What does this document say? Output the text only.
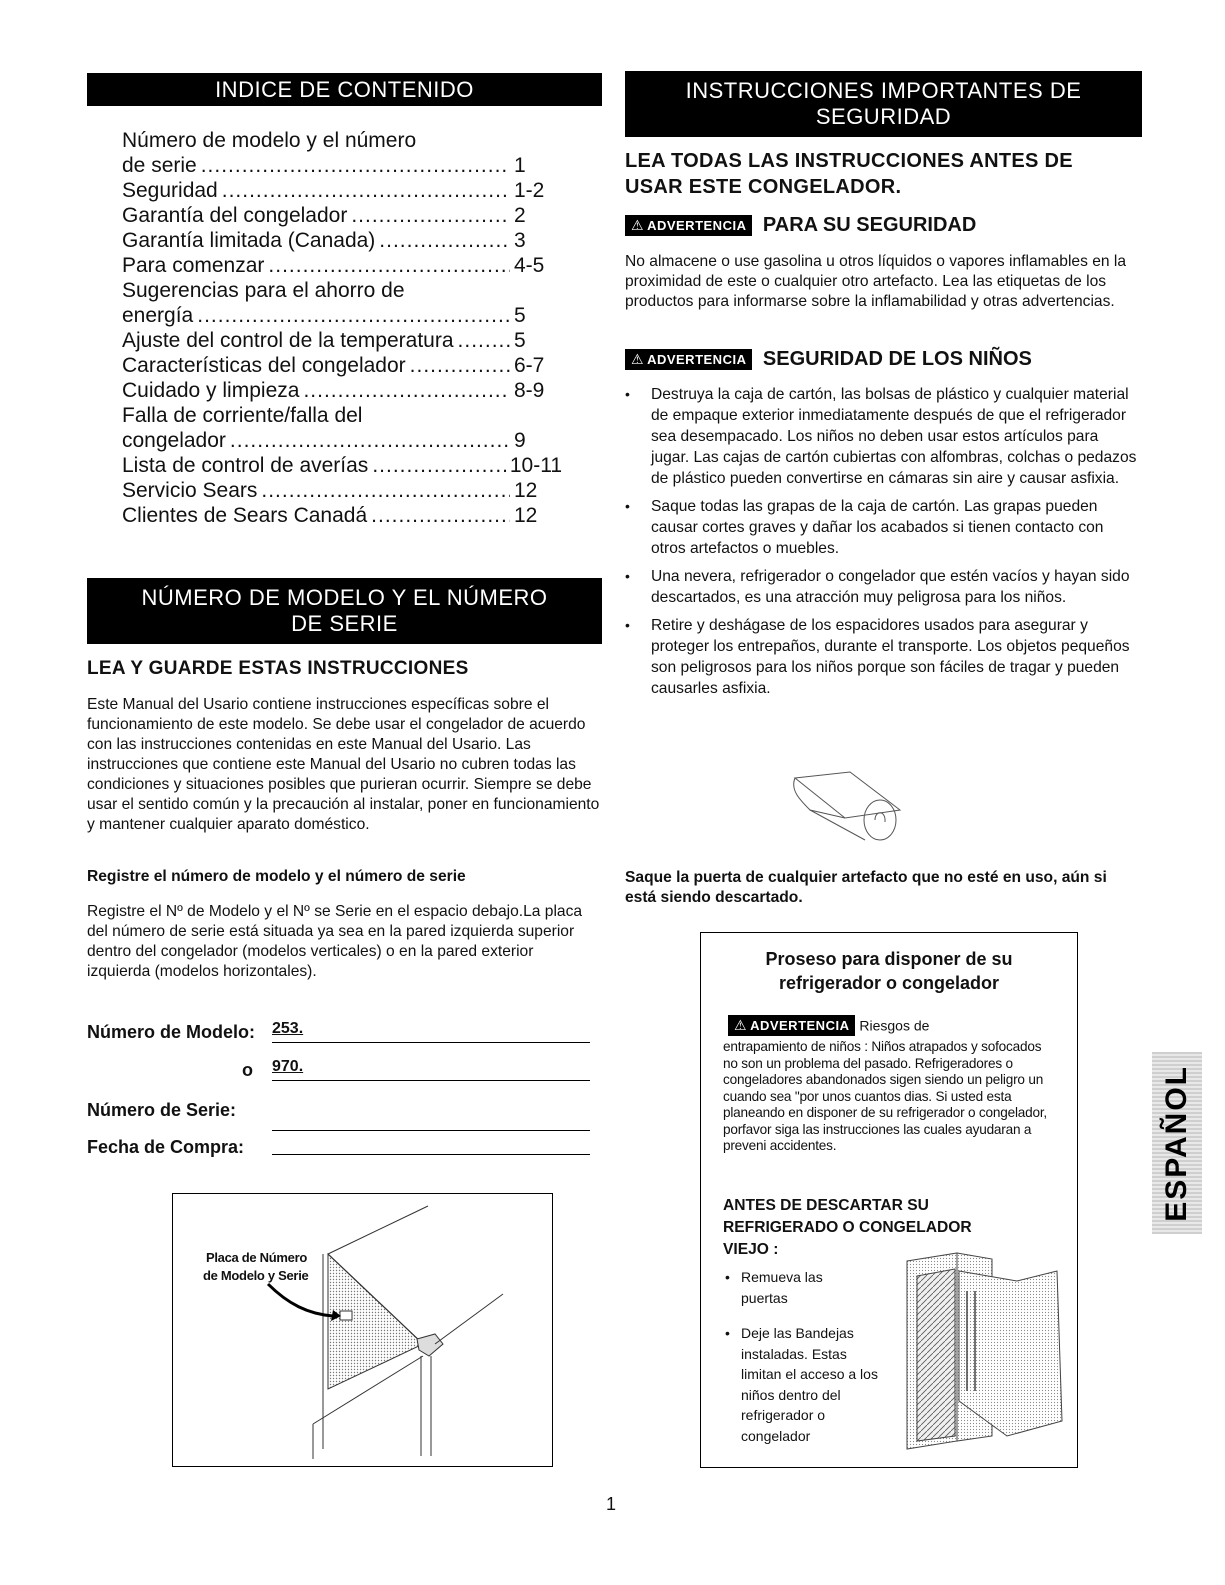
INDICE DE CONTENIDO
Número de modelo y el número
de serie .....	1
Seguridad .....	1-2
Garantía del congelador .....	2
Garantía limitada (Canada) .....	3
Para comenzar .....	4-5
Sugerencias para el ahorro de
energía .....	5
Ajuste del control de la temperatura .....	5
Características del congelador .....	6-7
Cuidado y limpieza .....	8-9
Falla de corriente/falla del
congelador .....	9
Lista de control de averías .....	10-11
Servicio Sears .....	12
Clientes de Sears Canadá .....	12
NÚMERO DE MODELO Y EL NÚMERO
DE SERIE
LEA Y GUARDE ESTAS INSTRUCCIONES
Este Manual del Usario contiene instrucciones específicas sobre el funcionamiento de este modelo. Se debe usar el congelador de acuerdo con las instrucciones contenidas en este Manual del Usario. Las instrucciones que contiene este Manual del Usario no cubren todas las condiciones y situaciones posibles que purieran ocurrir. Siempre se debe usar el sentido común y la precaución al instalar, poner en funcionamiento y mantener cualquier aparato doméstico.
Registre el número de modelo y el número de serie
Registre el Nº de Modelo y el Nº se Serie en el espacio debajo.La placa del número de serie está situada ya sea en la pared izquierda superior dentro del congelador (modelos verticales) o en la pared exterior izquierda (modelos horizontales).
Número de Modelo: 253.
o 970.
Número de Serie:
Fecha de Compra:
Placa de Número
de Modelo y Serie
INSTRUCCIONES IMPORTANTES DE
SEGURIDAD
LEA TODAS LAS INSTRUCCIONES ANTES DE
USAR ESTE CONGELADOR.
⚠ ADVERTENCIA PARA SU SEGURIDAD
No almacene o use gasolina u otros líquidos o vapores inflamables en la proximidad de este o cualquier otro artefacto. Lea las etiquetas de los productos para informarse sobre la inflamabilidad y otras advertencias.
⚠ ADVERTENCIA SEGURIDAD DE LOS NIÑOS
• Destruya la caja de cartón, las bolsas de plástico y cualquier material de empaque exterior inmediatamente después de que el refrigerador sea desempacado. Los niños no deben usar estos artículos para jugar. Las cajas de cartón cubiertas con alfombras, colchas o pedazos de plástico pueden convertirse en cámaras sin aire y causar asfixia.
• Saque todas las grapas de la caja de cartón. Las grapas pueden causar cortes graves y dañar los acabados si tienen contacto con otros artefactos o muebles.
• Una nevera, refrigerador o congelador que estén vacíos y hayan sido descartados, es una atracción muy peligrosa para los niños.
• Retire y deshágase de los espacidores usados para asegurar y proteger los entrepaños, durante el transporte. Los objetos pequeños son peligrosos para los niños porque son fáciles de tragar y pueden causarles asfixia.
Saque la puerta de cualquier artefacto que no esté en uso, aún si está siendo descartado.
Proseso para disponer de su
refrigerador o congelador
⚠ ADVERTENCIA Riesgos de
entrapamiento de niños : Niños atrapados y sofocados no son un problema del pasado. Refrigeradores o congeladores abandonados sigen siendo un peligro un cuando sea "por unos cuantos dias. Si usted esta planeando en disponer de su refrigerador o congelador, porfavor siga las instrucciones las cuales ayudaran a preveni accidentes.
ANTES DE DESCARTAR SU
REFRIGERADO O CONGELADOR
VIEJO :
• Remueva las puertas
• Deje las Bandejas instaladas. Estas limitan el acceso a los niños dentro del refrigerador o congelador
ESPAÑOL
1
